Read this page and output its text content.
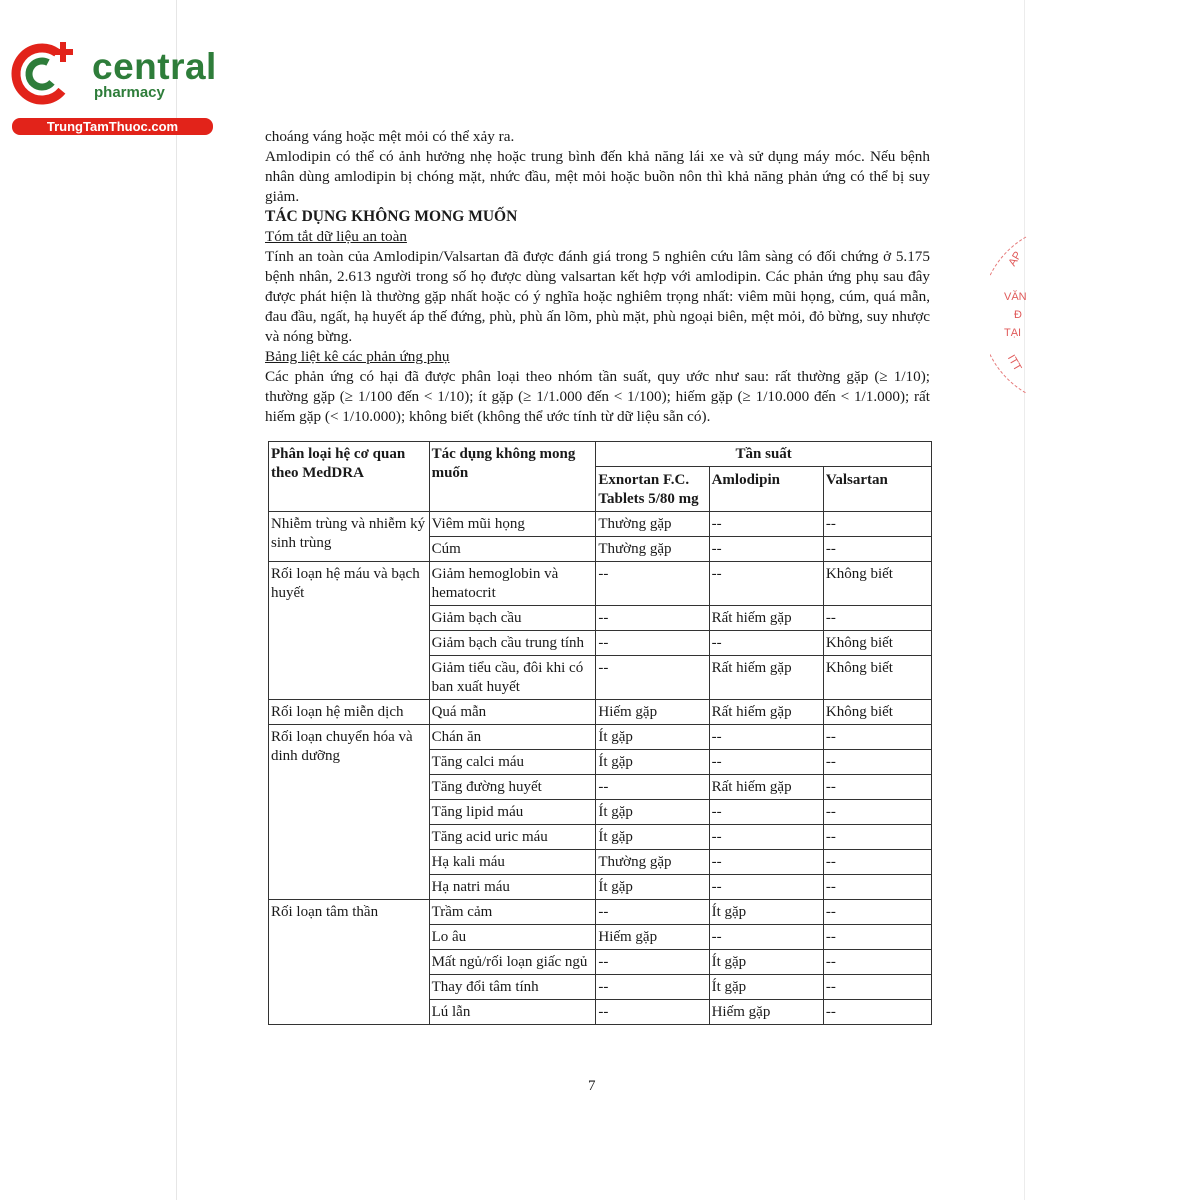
central
pharmacy
TrungTamThuoc.com
AP
VĂN
Đ
TẠI
ITT

choáng váng hoặc mệt mỏi có thể xảy ra.

Amlodipin có thể có ảnh hưởng nhẹ hoặc trung bình đến khả năng lái xe và sử dụng máy móc. Nếu bệnh nhân dùng amlodipin bị chóng mặt, nhức đầu, mệt mỏi hoặc buồn nôn thì khả năng phản ứng có thể bị suy giảm.

TÁC DỤNG KHÔNG MONG MUỐN

Tóm tắt dữ liệu an toàn

Tính an toàn của Amlodipin/Valsartan đã được đánh giá trong 5 nghiên cứu lâm sàng có đối chứng ở 5.175 bệnh nhân, 2.613 người trong số họ được dùng valsartan kết hợp với amlodipin. Các phản ứng phụ sau đây được phát hiện là thường gặp nhất hoặc có ý nghĩa hoặc nghiêm trọng nhất: viêm mũi họng, cúm, quá mẫn, đau đầu, ngất, hạ huyết áp thế đứng, phù, phù ấn lõm, phù mặt, phù ngoại biên, mệt mỏi, đỏ bừng, suy nhược và nóng bừng.

Bảng liệt kê các phản ứng phụ

Các phản ứng có hại đã được phân loại theo nhóm tần suất, quy ước như sau: rất thường gặp (≥ 1/10); thường gặp (≥ 1/100 đến < 1/10); ít gặp (≥ 1/1.000 đến < 1/100); hiếm gặp (≥ 1/10.000 đến < 1/1.000); rất hiếm gặp (< 1/10.000); không biết (không thể ước tính từ dữ liệu sẵn có).

Phân loại hệ cơ quan theo MedDRA	Tác dụng không mong muốn	Tần suất		
		Exnortan F.C. Tablets 5/80 mg	Amlodipin	Valsartan
Nhiễm trùng và nhiễm ký sinh trùng	Viêm mũi họng	Thường gặp	--	--
	Cúm	Thường gặp	--	--
Rối loạn hệ máu và bạch huyết	Giảm hemoglobin và hematocrit	--	--	Không biết
	Giảm bạch cầu	--	Rất hiếm gặp	--
	Giảm bạch cầu trung tính	--	--	Không biết
	Giảm tiểu cầu, đôi khi có ban xuất huyết	--	Rất hiếm gặp	Không biết
Rối loạn hệ miễn dịch	Quá mẫn	Hiếm gặp	Rất hiếm gặp	Không biết
Rối loạn chuyển hóa và dinh dưỡng	Chán ăn	Ít gặp	--	--
	Tăng calci máu	Ít gặp	--	--
	Tăng đường huyết	--	Rất hiếm gặp	--
	Tăng lipid máu	Ít gặp	--	--
	Tăng acid uric máu	Ít gặp	--	--
	Hạ kali máu	Thường gặp	--	--
	Hạ natri máu	Ít gặp	--	--
Rối loạn tâm thần	Trầm cảm	--	Ít gặp	--
	Lo âu	Hiếm gặp	--	--
	Mất ngủ/rối loạn giấc ngủ	--	Ít gặp	--
	Thay đổi tâm tính	--	Ít gặp	--
	Lú lẫn	--	Hiếm gặp	--
7
